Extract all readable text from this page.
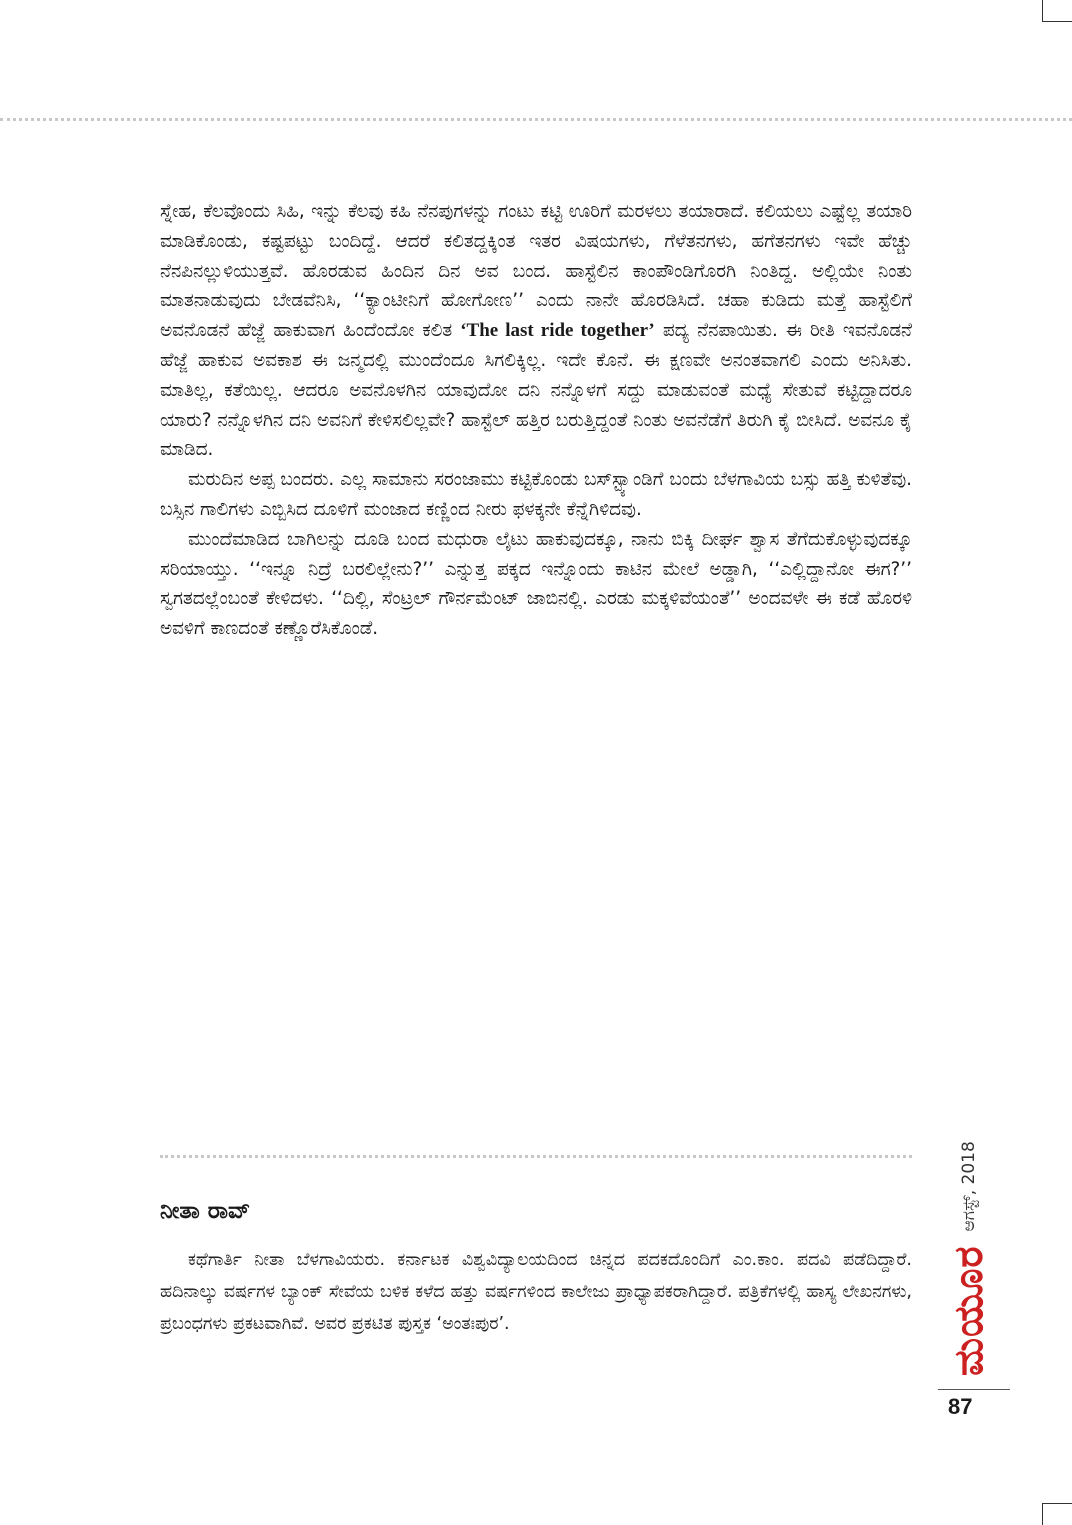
ಸ್ನೇಹ, ಕೆಲವೊಂದು ಸಿಹಿ, ಇನ್ನು ಕೆಲವು ಕಹಿ ನೆನಪುಗಳನ್ನು ಗಂಟು ಕಟ್ಟಿ ಊರಿಗೆ ಮರಳಲು ತಯಾರಾದೆ. ಕಲಿಯಲು ಎಷ್ಟೆಲ್ಲ ತಯಾರಿ ಮಾಡಿಕೊಂಡು, ಕಷ್ಟಪಟ್ಟು ಬಂದಿದ್ದೆ. ಆದರೆ ಕಲಿತದ್ದಕ್ಕಿಂತ ಇತರ ವಿಷಯಗಳು, ಗೆಳೆತನಗಳು, ಹಗೆತನಗಳು ಇವೇ ಹೆಚ್ಚು ನೆನಪಿನಲ್ಲುಳಿಯುತ್ತವೆ. ಹೊರಡುವ ಹಿಂದಿನ ದಿನ ಅವ ಬಂದ. ಹಾಸ್ಟೆಲಿನ ಕಾಂಪೌಂಡಿಗೊರಗಿ ನಿಂತಿದ್ದ. ಅಲ್ಲಿಯೇ ನಿಂತು ಮಾತನಾಡುವುದು ಬೇಡವೆನಿಸಿ, ‘‘ಕ್ಯಾಂಟೀನಿಗೆ ಹೋಗೋಣ’’ ಎಂದು ನಾನೇ ಹೊರಡಿಸಿದೆ. ಚಹಾ ಕುಡಿದು ಮತ್ತೆ ಹಾಸ್ಟೆಲಿಗೆ ಅವನೊಡನೆ ಹೆಜ್ಜೆ ಹಾಕುವಾಗ ಹಿಂದೆಂದೋ ಕಲಿತ ‘The last ride together’ ಪದ್ಯ ನೆನಪಾಯಿತು. ಈ ರೀತಿ ಇವನೊಡನೆ ಹೆಜ್ಜೆ ಹಾಕುವ ಅವಕಾಶ ಈ ಜನ್ಮದಲ್ಲಿ ಮುಂದೆಂದೂ ಸಿಗಲಿಕ್ಕಿಲ್ಲ. ಇದೇ ಕೊನೆ. ಈ ಕ್ಷಣವೇ ಅನಂತವಾಗಲಿ ಎಂದು ಅನಿಸಿತು. ಮಾತಿಲ್ಲ, ಕತೆಯಿಲ್ಲ. ಆದರೂ ಅವನೊಳಗಿನ ಯಾವುದೋ ದನಿ ನನ್ನೊಳಗೆ ಸದ್ದು ಮಾಡುವಂತೆ ಮಧ್ಯೆ ಸೇತುವೆ ಕಟ್ಟಿದ್ದಾದರೂ ಯಾರು? ನನ್ನೊಳಗಿನ ದನಿ ಅವನಿಗೆ ಕೇಳಿಸಲಿಲ್ಲವೇ? ಹಾಸ್ಟೆಲ್ ಹತ್ತಿರ ಬರುತ್ತಿದ್ದಂತೆ ನಿಂತು ಅವನೆಡೆಗೆ ತಿರುಗಿ ಕೈ ಬೀಸಿದೆ. ಅವನೂ ಕೈ ಮಾಡಿದ.

ಮರುದಿನ ಅಪ್ಪ ಬಂದರು. ಎಲ್ಲ ಸಾಮಾನು ಸರಂಜಾಮು ಕಟ್ಟಿಕೊಂಡು ಬಸ್‌ಸ್ಟ್ಯಾಂಡಿಗೆ ಬಂದು ಬೆಳಗಾವಿಯ ಬಸ್ಸು ಹತ್ತಿ ಕುಳಿತೆವು. ಬಸ್ಸಿನ ಗಾಲಿಗಳು ಎಬ್ಬಿಸಿದ ದೂಳಿಗೆ ಮಂಜಾದ ಕಣ್ಣಿಂದ ನೀರು ಫಳಕ್ಕನೇ ಕೆನ್ನೆಗಿಳಿದವು.

ಮುಂದೆಮಾಡಿದ ಬಾಗಿಲನ್ನು ದೂಡಿ ಬಂದ ಮಧುರಾ ಲೈಟು ಹಾಕುವುದಕ್ಕೂ, ನಾನು ಬಿಕ್ಕಿ ದೀರ್ಘ ಶ್ವಾಸ ತೆಗೆದುಕೊಳ್ಳುವುದಕ್ಕೂ ಸರಿಯಾಯ್ತು. ‘‘ಇನ್ನೂ ನಿದ್ರೆ ಬರಲಿಲ್ಲೇನು?’’ ಎನ್ನುತ್ತ ಪಕ್ಕದ ಇನ್ನೊಂದು ಕಾಟಿನ ಮೇಲೆ ಅಡ್ಡಾಗಿ, ‘‘ಎಲ್ಲಿದ್ದಾನೋ ಈಗ?’’ ಸ್ವಗತದಲ್ಲೆಂಬಂತೆ ಕೇಳಿದಳು. ‘‘ದಿಲ್ಲಿ, ಸೆಂಟ್ರಲ್ ಗೌರ್ನಮೆಂಟ್ ಜಾಬಿನಲ್ಲಿ. ಎರಡು ಮಕ್ಕಳಿವೆಯಂತೆ’’ ಅಂದವಳೇ ಈ ಕಡೆ ಹೊರಳಿ ಅವಳಿಗೆ ಕಾಣದಂತೆ ಕಣ್ಣೊರೆಸಿಕೊಂಡೆ.

ನೀತಾ ರಾವ್

ಕಥೆಗಾರ್ತಿ ನೀತಾ ಬೆಳಗಾವಿಯರು. ಕರ್ನಾಟಕ ವಿಶ್ವವಿದ್ಯಾಲಯದಿಂದ ಚಿನ್ನದ ಪದಕದೊಂದಿಗೆ ಎಂ.ಕಾಂ. ಪದವಿ ಪಡೆದಿದ್ದಾರೆ. ಹದಿನಾಲ್ಕು ವರ್ಷಗಳ ಬ್ಯಾಂಕ್ ಸೇವೆಯ ಬಳಿಕ ಕಳೆದ ಹತ್ತು ವರ್ಷಗಳಿಂದ ಕಾಲೇಜು ಪ್ರಾಧ್ಯಾಪಕರಾಗಿದ್ದಾರೆ. ಪತ್ರಿಕೆಗಳಲ್ಲಿ ಹಾಸ್ಯ ಲೇಖನಗಳು, ಪ್ರಬಂಧಗಳು ಪ್ರಕಟವಾಗಿವೆ. ಅವರ ಪ್ರಕಟಿತ ಪುಸ್ತಕ ‘ಅಂತಃಪುರ’.	ಮಯೂರ
ಆಗಸ್ಟ್, 2018
87
